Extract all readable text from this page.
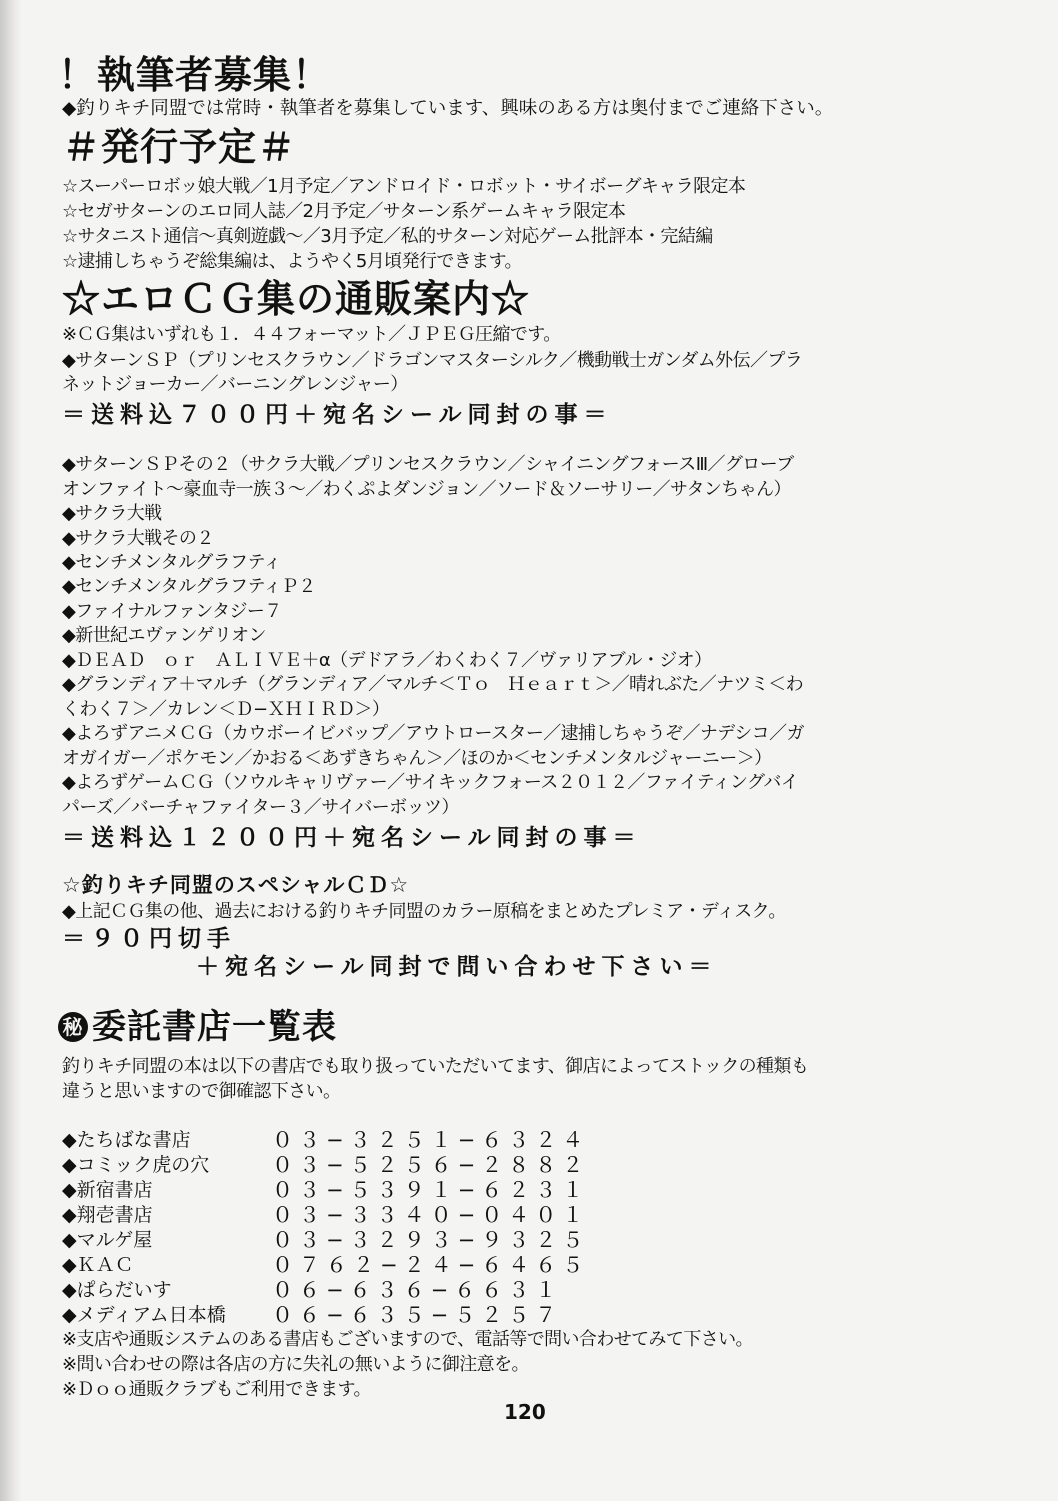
！執筆者募集！
◆釣りキチ同盟では常時・執筆者を募集しています、興味のある方は奥付までご連絡下さい。
＃発行予定＃
☆スーパーロボッ娘大戦／1月予定／アンドロイド・ロボット・サイボーグキャラ限定本
☆セガサターンのエロ同人誌／2月予定／サターン系ゲームキャラ限定本
☆サタニスト通信〜真剣遊戯〜／3月予定／私的サターン対応ゲーム批評本・完結編
☆逮捕しちゃうぞ総集編は、ようやく5月頃発行できます。
☆エロＣＧ集の通販案内☆
※ＣＧ集はいずれも１．４４フォーマット／ＪＰＥＧ圧縮です。
◆サターンＳＰ（プリンセスクラウン／ドラゴンマスターシルク／機動戦士ガンダム外伝／プラ
ネットジョーカー／バーニングレンジャー）
＝送料込７００円＋宛名シール同封の事＝
◆サターンＳＰその２（サクラ大戦／プリンセスクラウン／シャイニングフォースⅢ／グローブ
オンファイト〜豪血寺一族３〜／わくぷよダンジョン／ソード＆ソーサリー／サタンちゃん）
◆サクラ大戦
◆サクラ大戦その２
◆センチメンタルグラフティ
◆センチメンタルグラフティＰ２
◆ファイナルファンタジー７
◆新世紀エヴァンゲリオン
◆ＤＥＡＤ　ｏｒ　ＡＬＩＶＥ＋α（デドアラ／わくわく７／ヴァリアブル・ジオ）
◆グランディア＋マルチ（グランディア／マルチ＜Ｔｏ　Ｈｅａｒｔ＞／晴れぶた／ナツミ＜わ
くわく７＞／カレン＜Ｄ−ＸＨＩＲＤ＞）
◆よろずアニメＣＧ（カウボーイビバップ／アウトロースター／逮捕しちゃうぞ／ナデシコ／ガ
オガイガー／ポケモン／かおる＜あずきちゃん＞／ほのか＜センチメンタルジャーニー＞）
◆よろずゲームＣＧ（ソウルキャリヴァー／サイキックフォース２０１２／ファイティングバイ
パーズ／バーチャファイター３／サイバーボッツ）
＝送料込１２００円＋宛名シール同封の事＝
☆釣りキチ同盟のスペシャルＣＤ☆
◆上記ＣＧ集の他、過去における釣りキチ同盟のカラー原稿をまとめたプレミア・ディスク。
＝９０円切手
＋宛名シール同封で問い合わせ下さい＝
秘 委託書店一覧表
釣りキチ同盟の本は以下の書店でも取り扱っていただいてます、御店によってストックの種類も
違うと思いますので御確認下さい。
◆たちばな書店	０３−３２５１−６３２４
◆コミック虎の穴	０３−５２５６−２８８２
◆新宿書店	０３−５３９１−６２３１
◆翔壱書店	０３−３３４０−０４０１
◆マルゲ屋	０３−３２９３−９３２５
◆ＫＡＣ	０７６２−２４−６４６５
◆ぱらだいす	０６−６３６−６６３１
◆メディアム日本橋 ０６−６３５−５２５７
※支店や通販システムのある書店もございますので、電話等で問い合わせてみて下さい。
※問い合わせの際は各店の方に失礼の無いように御注意を。
※Ｄｏｏ通販クラブもご利用できます。
120
